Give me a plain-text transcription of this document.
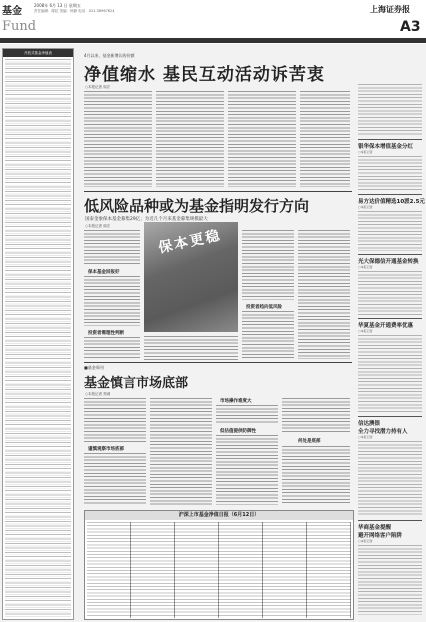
基金
2008年 6月 13 日 星期五
责任编辑：陈虹 美编：杨静 电话：021-38967624
Fund
上海证券报
A3
开放式基金净值表	4月以来，基金新增认购份额
净值缩水 基民互动活动诉苦衷
○本报记者 周宏
低风险品种或为基金指明发行方向
国泰金象保本基金募集29亿；为近几个月来基金募集规模最大
○本报记者 周宏
保本基金回报好
投资者需理性判断
保本更稳
投资者趋向低风险
■基金周刊
基金慎言市场底部
○本报记者 郑诚
谨慎观察市场底部
市场操作难度大
低估值提供防御性
何处是底部
沪深上市基金净值日报（6月12日）
银华保本增值基金分红
○本报记者
易方达价值精选10派2.5元
○本报记者
光大保德信开通基金转换
○本报记者
华夏基金开通费率优惠
○本报记者
信达澳银
全力寻找潜力持有人
○本报记者
华商基金提醒
避开网络客户陷阱
○本报记者
